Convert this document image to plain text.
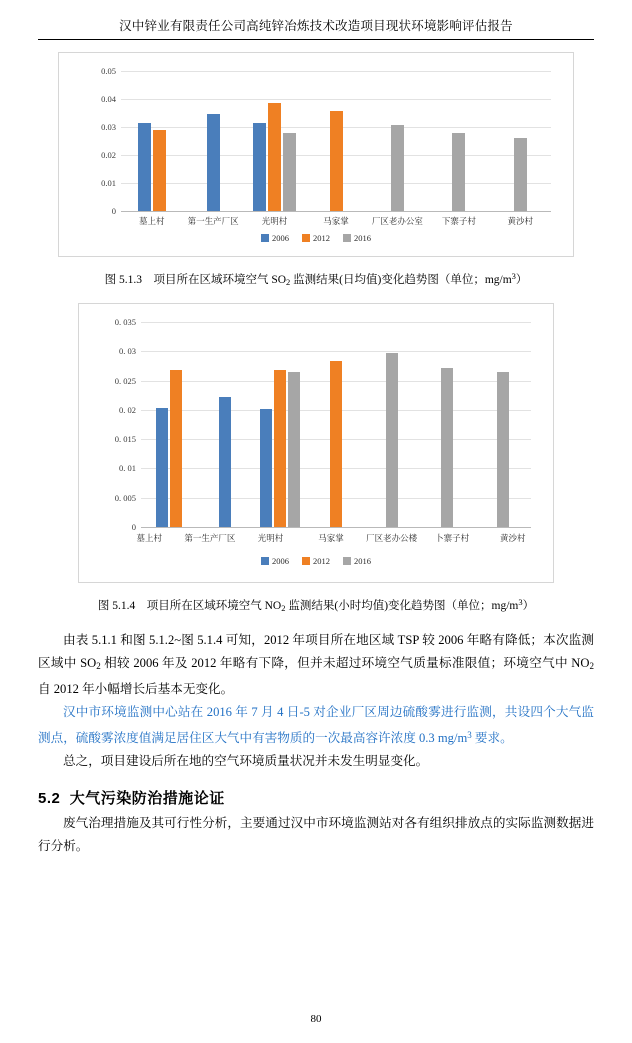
汉中锌业有限责任公司高纯锌冶炼技术改造项目现状环境影响评估报告
0
0.01
0.02
0.03
0.04
0.05
墓上村	第一生产厂区	光明村	马家掌	厂区老办公室	下寨子村	黄沙村
2006	2012	2016
图 5.1.3 项目所在区域环境空气 $SO_2$ 监测结果(日均值)变化趋势图（单位；$mg/m^3$）
0
0. 005
0. 01
0. 015
0. 02
0. 025
0. 03
0. 035
墓上村	第一生产厂区	光明村	马家掌	厂区老办公楼	卜寨子村	黄沙村
2006	2012	2016
图 5.1.4 项目所在区域环境空气 $NO_2$ 监测结果(小时均值)变化趋势图（单位；$mg/m^3$）

由表 5.1.1 和图 5.1.2~图 5.1.4 可知，2012 年项目所在地区域 TSP 较 2006 年略有降低；本次监测区域中 $SO_2$ 相较 2006 年及 2012 年略有下降，但并未超过环境空气质量标准限值；环境空气中 $NO_2$ 自 2012 年小幅增长后基本无变化。

汉中市环境监测中心站在 2016 年 7 月 4 日-5 对企业厂区周边硫酸雾进行监测，共设四个大气监测点，硫酸雾浓度值满足居住区大气中有害物质的一次最高容许浓度 0.3 $mg/m^3$ 要求。

总之，项目建设后所在地的空气环境质量状况并未发生明显变化。

5.2 大气污染防治措施论证

废气治理措施及其可行性分析，主要通过汉中市环境监测站对各有组织排放点的实际监测数据进行分析。

80
